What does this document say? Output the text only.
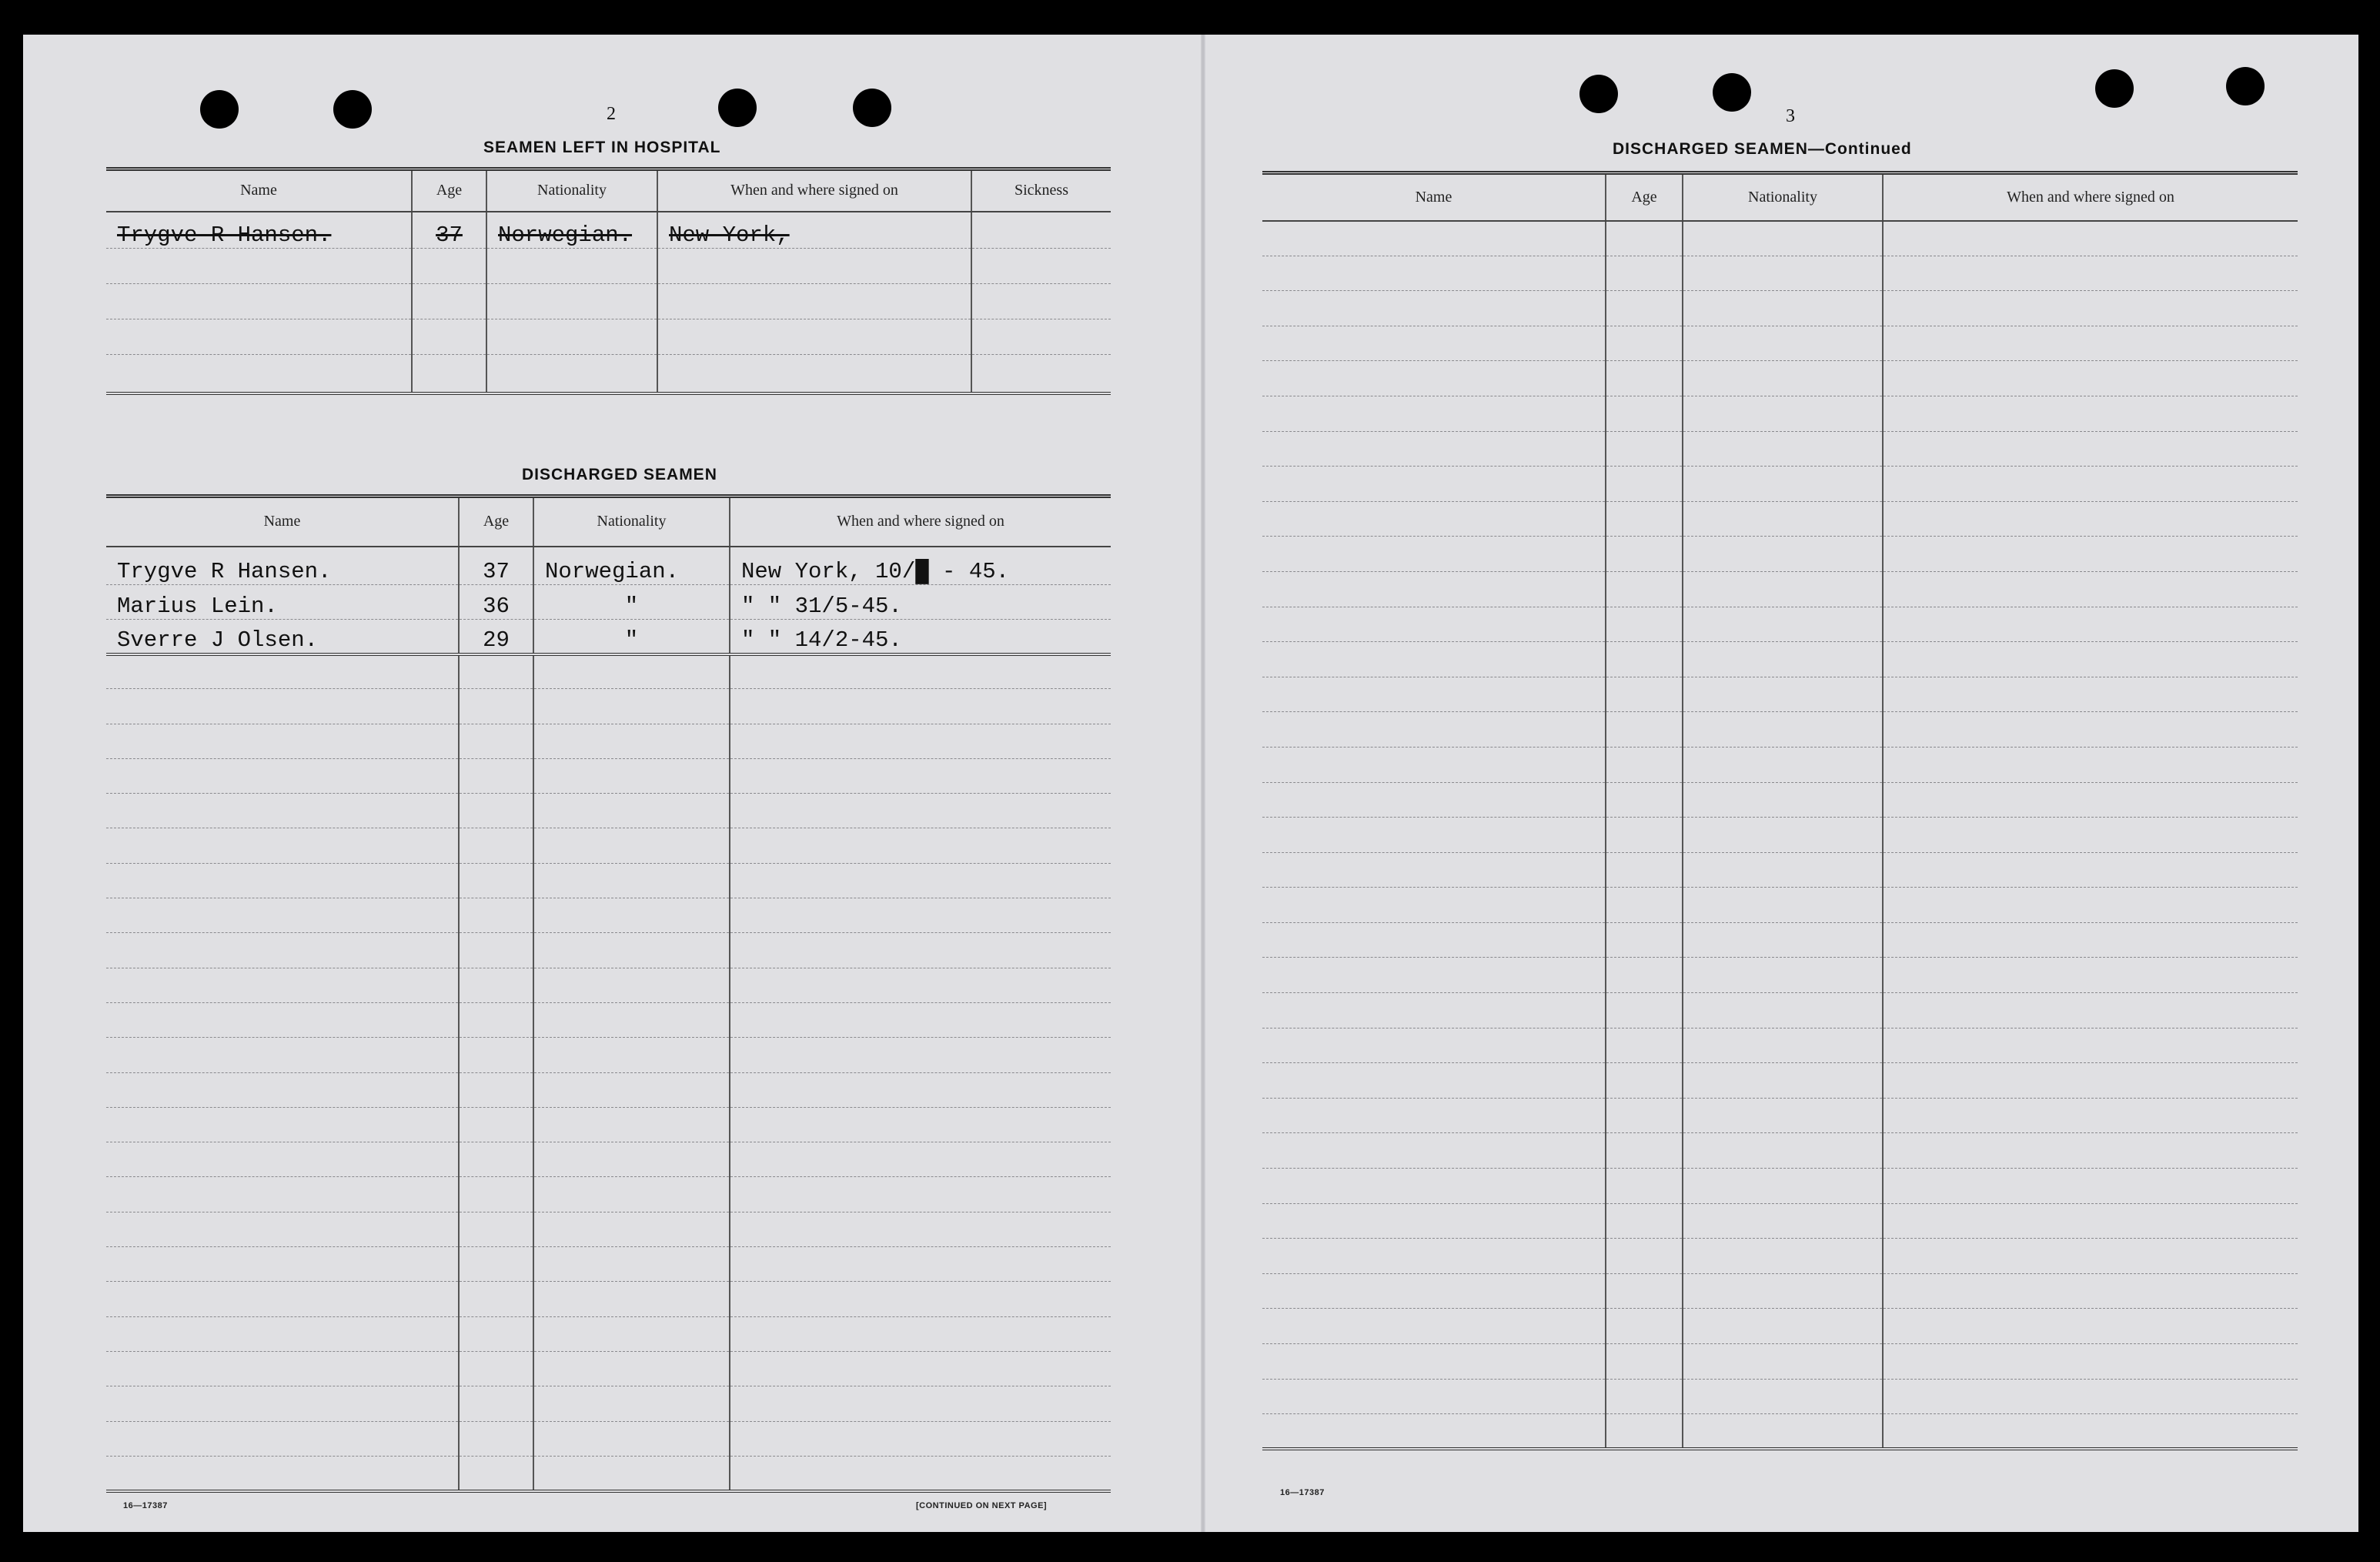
2
SEAMEN LEFT IN HOSPITAL
Name	Age	Nationality	When and where signed on	Sickness
Trygve R Hansen.	37	Norwegian.	New York,	

DISCHARGED SEAMEN
Name	Age	Nationality	When and where signed on
Trygve R Hansen.	37	Norwegian.	New York, 10/█ - 45.
Marius Lein.	36	"	" " 31/5-45.
Sverre J Olsen.	29	"	" " 14/2-45.

16—17387	[CONTINUED ON NEXT PAGE]
3
DISCHARGED SEAMEN—Continued
Name	Age	Nationality	When and where signed on

16—17387
